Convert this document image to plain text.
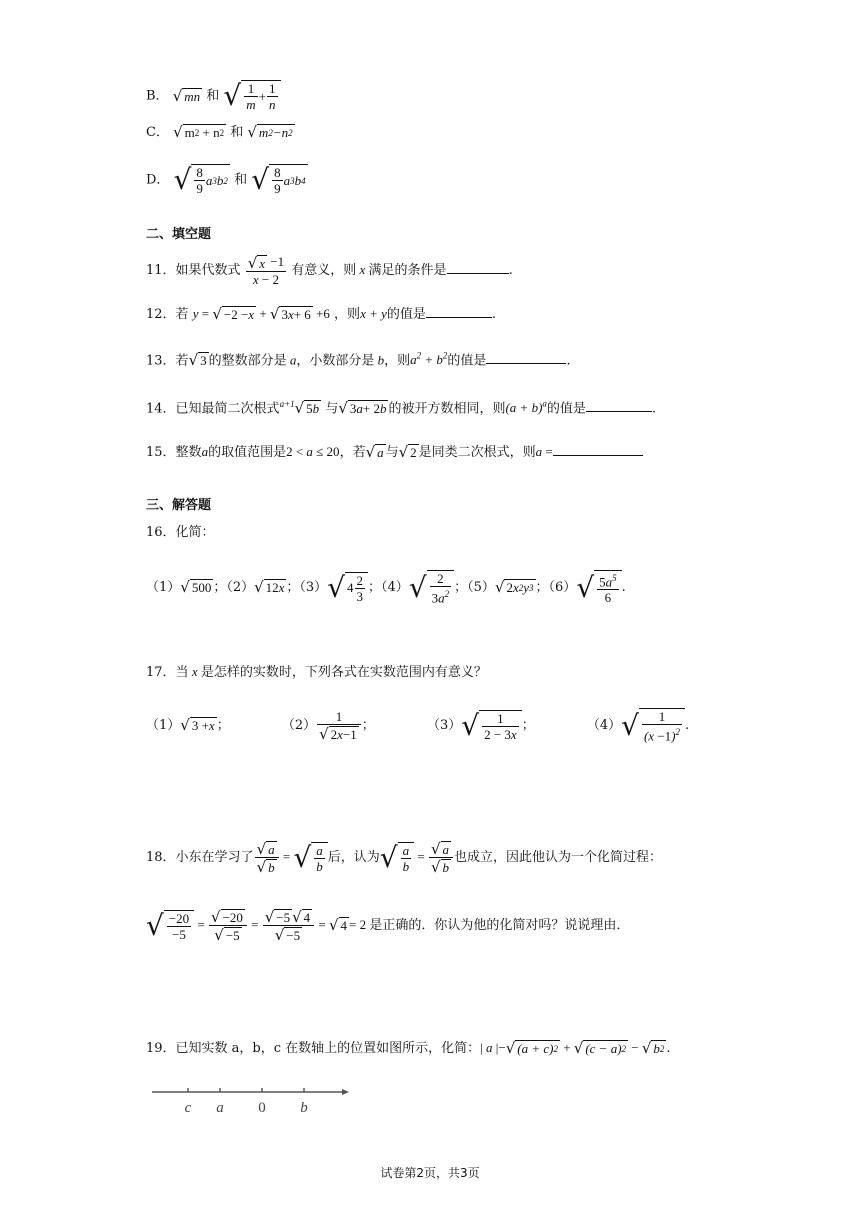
B． √ mn 和 √ $\frac{1}{m} + \frac{1}{n}$
C． √ m 2 + n 2 和 √ m 2 − n 2
D． √ $\frac{8}{9}$ a 3 b 2 和 √ $\frac{8}{9}$ a 3 b 4
二、填空题
11．如果代数式 $\frac{√ x -1}{x - 2}$ 有意义，则 x 满足的条件是	.
12．若 y = √ −2 − x + √ 3 x + 6 +6 ，则x + y的值是	.
13．若 √ 3 的整数部分是 a，小数部分是 b，则$a^2 + b^2$的值是	.
14．已知最简二次根式$^{a+1}$ √ 5 b 与 √ 3 a + 2 b 的被开方数相同，则$(a + b)^a$的值是	.
15．整数a的取值范围是2 < a ≤ 20，若 √ a 与 √ 2 是同类二次根式，则a =
三、解答题
16．化简：
（1） √ 500 ；（2） √ 12 x ；（3） √ $4 \frac{2}{3}$ ；（4） √ $\frac{2}{3a^2}$ ；（5） √ 2 x 2 y 3 ；（6） √ $\frac{5a^5}{6}$ .
17．当 x 是怎样的实数时，下列各式在实数范围内有意义？
（1） √ 3 + x ；	$(2) \frac{1}{√ 2 x -1}$ ；	（3） √ $\frac{1}{2 - 3x}$ ；	（4） √ $\frac{1}{(x -1)^2}$ .
18．小东在学习了 $\frac{√ a}{√ b}$ = √ $\frac{a}{b}$ 后，认为 √ $\frac{a}{b} = \frac{√ a}{√ b}$ 也成立，因此他认为一个化简过程：
√ $\frac{-20}{-5} = \frac{√ -20}{√ -5} = \frac{√ -5 √ 4}{√ -5}$ = √ 4 = 2 是正确的．你认为他的化简对吗？说说理由．
19．已知实数 a，b，c 在数轴上的位置如图所示，化简：| a |− √ (a + c) 2 + √ (c − a) 2 − √ b 2 .
c a 0 b
试卷第2页，共3页
